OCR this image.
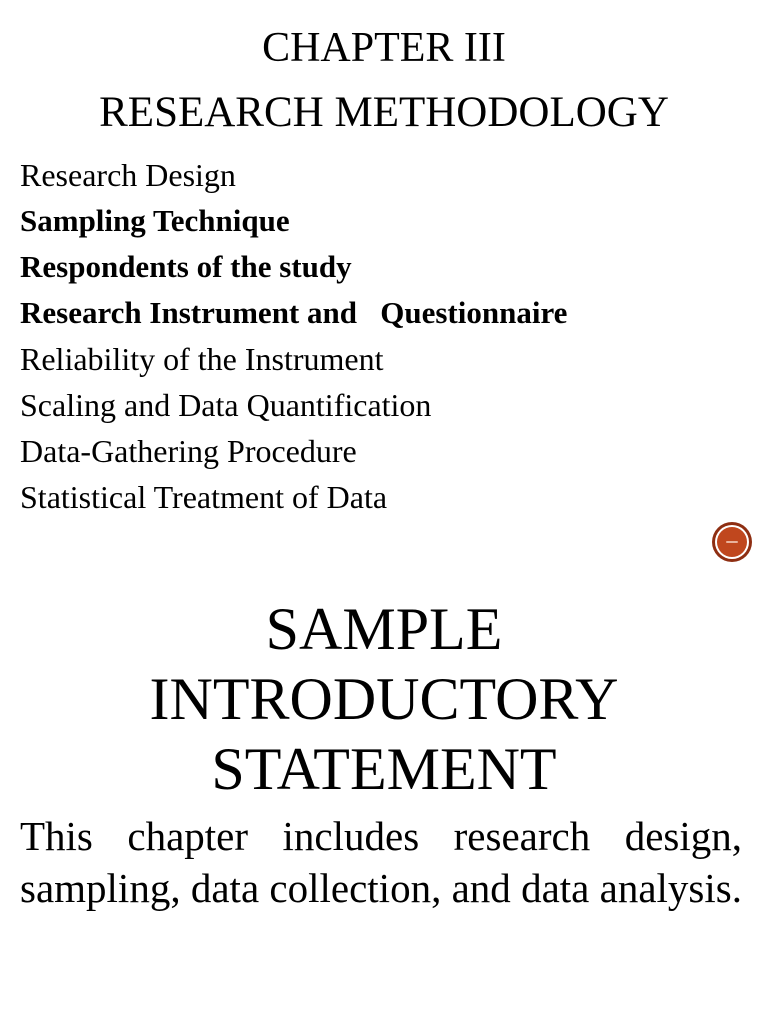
CHAPTER III
RESEARCH METHODOLOGY
Research Design
Sampling Technique
Respondents of the study
Research Instrument and   Questionnaire
Reliability of the Instrument
Scaling and Data Quantification
Data-Gathering Procedure
Statistical Treatment of Data
SAMPLE
INTRODUCTORY
STATEMENT

This chapter includes research design, sampling, data collection, and data analysis.
